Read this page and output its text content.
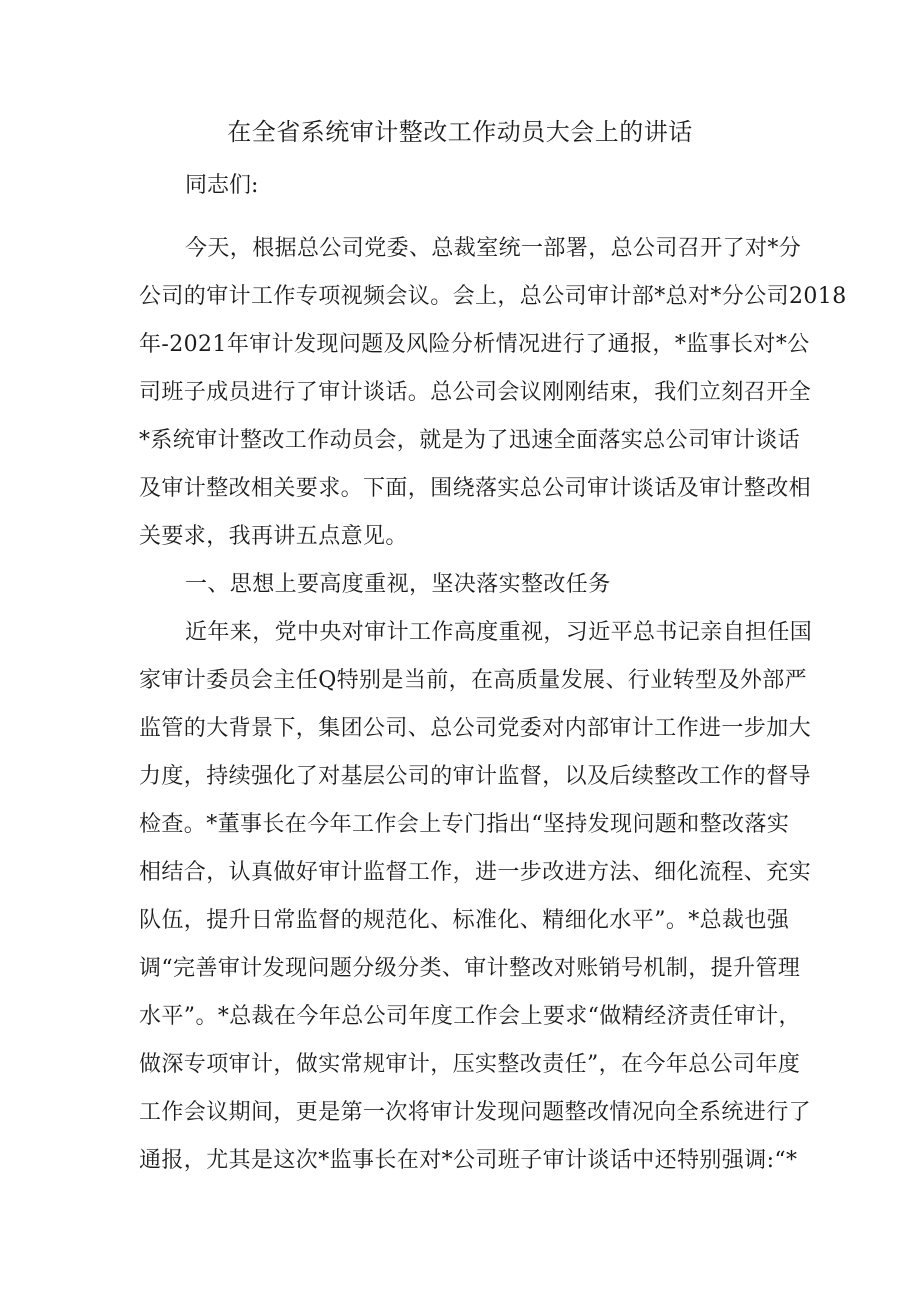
在全省系统审计整改工作动员大会上的讲话

同志们:

今天，根据总公司党委、总裁室统一部署，总公司召开了对*分

公司的审计工作专项视频会议。会上，总公司审计部*总对*分公司2018

年-2021年审计发现问题及风险分析情况进行了通报，*监事长对*公

司班子成员进行了审计谈话。总公司会议刚刚结束，我们立刻召开全

*系统审计整改工作动员会，就是为了迅速全面落实总公司审计谈话

及审计整改相关要求。下面，围绕落实总公司审计谈话及审计整改相

关要求，我再讲五点意见。

一、思想上要高度重视，坚决落实整改任务

近年来，党中央对审计工作高度重视，习近平总书记亲自担任国

家审计委员会主任Q特别是当前，在高质量发展、行业转型及外部严

监管的大背景下，集团公司、总公司党委对内部审计工作进一步加大

力度，持续强化了对基层公司的审计监督，以及后续整改工作的督导

检查。*董事长在今年工作会上专门指出“坚持发现问题和整改落实

相结合，认真做好审计监督工作，进一步改进方法、细化流程、充实

队伍，提升日常监督的规范化、标准化、精细化水平”。*总裁也强

调“完善审计发现问题分级分类、审计整改对账销号机制，提升管理

水平”。*总裁在今年总公司年度工作会上要求“做精经济责任审计，

做深专项审计，做实常规审计，压实整改责任”，在今年总公司年度

工作会议期间，更是第一次将审计发现问题整改情况向全系统进行了

通报，尤其是这次*监事长在对*公司班子审计谈话中还特别强调:“*
